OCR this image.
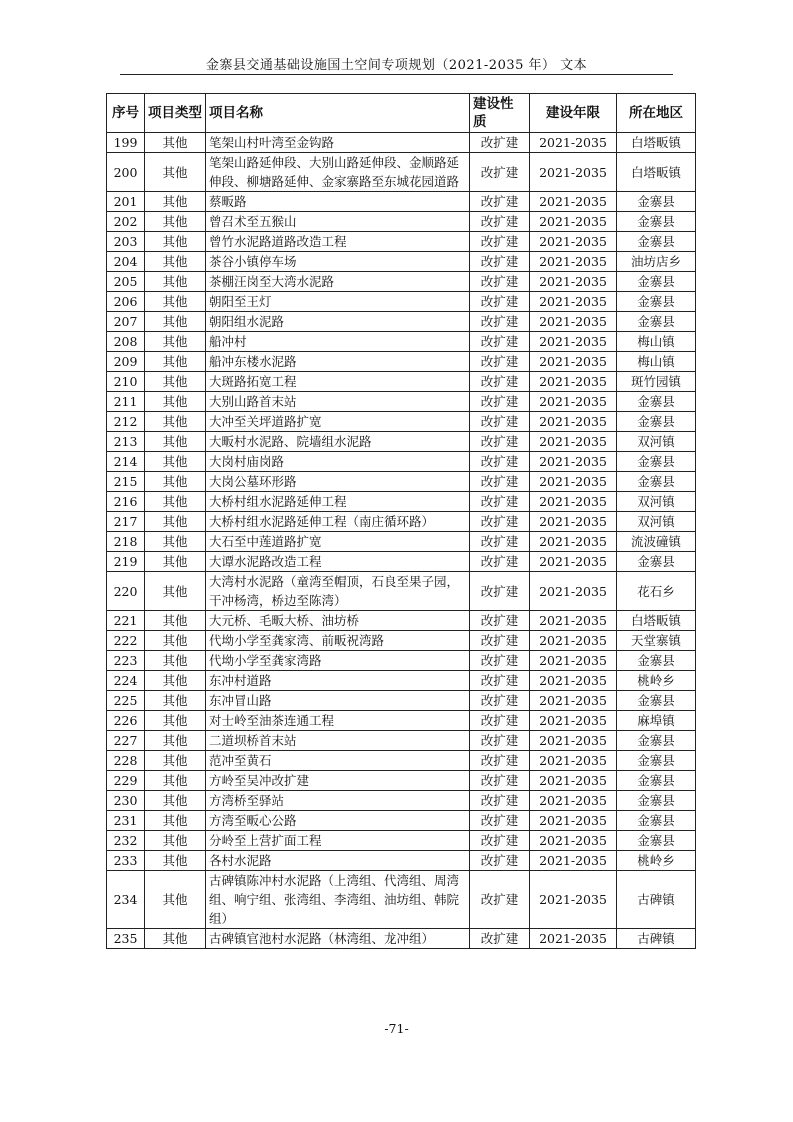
金寨县交通基础设施国土空间专项规划（2021-2035 年） 文本
序号	项目类型	项目名称	建设性质	建设年限	所在地区
199	其他	笔架山村叶湾至金钩路	改扩建	2021-2035	白塔畈镇
200	其他	笔架山路延伸段、大别山路延伸段、金顺路延伸段、柳塘路延伸、金家寨路至东城花园道路	改扩建	2021-2035	白塔畈镇
201	其他	蔡畈路	改扩建	2021-2035	金寨县
202	其他	曾召术至五猴山	改扩建	2021-2035	金寨县
203	其他	曾竹水泥路道路改造工程	改扩建	2021-2035	金寨县
204	其他	茶谷小镇停车场	改扩建	2021-2035	油坊店乡
205	其他	茶棚汪岗至大湾水泥路	改扩建	2021-2035	金寨县
206	其他	朝阳至王灯	改扩建	2021-2035	金寨县
207	其他	朝阳组水泥路	改扩建	2021-2035	金寨县
208	其他	船冲村	改扩建	2021-2035	梅山镇
209	其他	船冲东楼水泥路	改扩建	2021-2035	梅山镇
210	其他	大斑路拓宽工程	改扩建	2021-2035	斑竹园镇
211	其他	大别山路首末站	改扩建	2021-2035	金寨县
212	其他	大冲至关坪道路扩宽	改扩建	2021-2035	金寨县
213	其他	大畈村水泥路、院墙组水泥路	改扩建	2021-2035	双河镇
214	其他	大岗村庙岗路	改扩建	2021-2035	金寨县
215	其他	大岗公墓环形路	改扩建	2021-2035	金寨县
216	其他	大桥村组水泥路延伸工程	改扩建	2021-2035	双河镇
217	其他	大桥村组水泥路延伸工程（南庄循环路）	改扩建	2021-2035	双河镇
218	其他	大石至中莲道路扩宽	改扩建	2021-2035	流波䃥镇
219	其他	大谭水泥路改造工程	改扩建	2021-2035	金寨县
220	其他	大湾村水泥路（童湾至帽顶，石良至果子园，干冲杨湾，桥边至陈湾）	改扩建	2021-2035	花石乡
221	其他	大元桥、毛畈大桥、油坊桥	改扩建	2021-2035	白塔畈镇
222	其他	代坳小学至龚家湾、前畈祝湾路	改扩建	2021-2035	天堂寨镇
223	其他	代坳小学至龚家湾路	改扩建	2021-2035	金寨县
224	其他	东冲村道路	改扩建	2021-2035	桃岭乡
225	其他	东冲冒山路	改扩建	2021-2035	金寨县
226	其他	对士岭至油茶连通工程	改扩建	2021-2035	麻埠镇
227	其他	二道坝桥首末站	改扩建	2021-2035	金寨县
228	其他	范冲至黄石	改扩建	2021-2035	金寨县
229	其他	方岭至吴冲改扩建	改扩建	2021-2035	金寨县
230	其他	方湾桥至驿站	改扩建	2021-2035	金寨县
231	其他	方湾至畈心公路	改扩建	2021-2035	金寨县
232	其他	分岭至上营扩面工程	改扩建	2021-2035	金寨县
233	其他	各村水泥路	改扩建	2021-2035	桃岭乡
234	其他	古碑镇陈冲村水泥路（上湾组、代湾组、周湾组、响宁组、张湾组、李湾组、油坊组、韩院组）	改扩建	2021-2035	古碑镇
235	其他	古碑镇官池村水泥路（林湾组、龙冲组）	改扩建	2021-2035	古碑镇
-71-
